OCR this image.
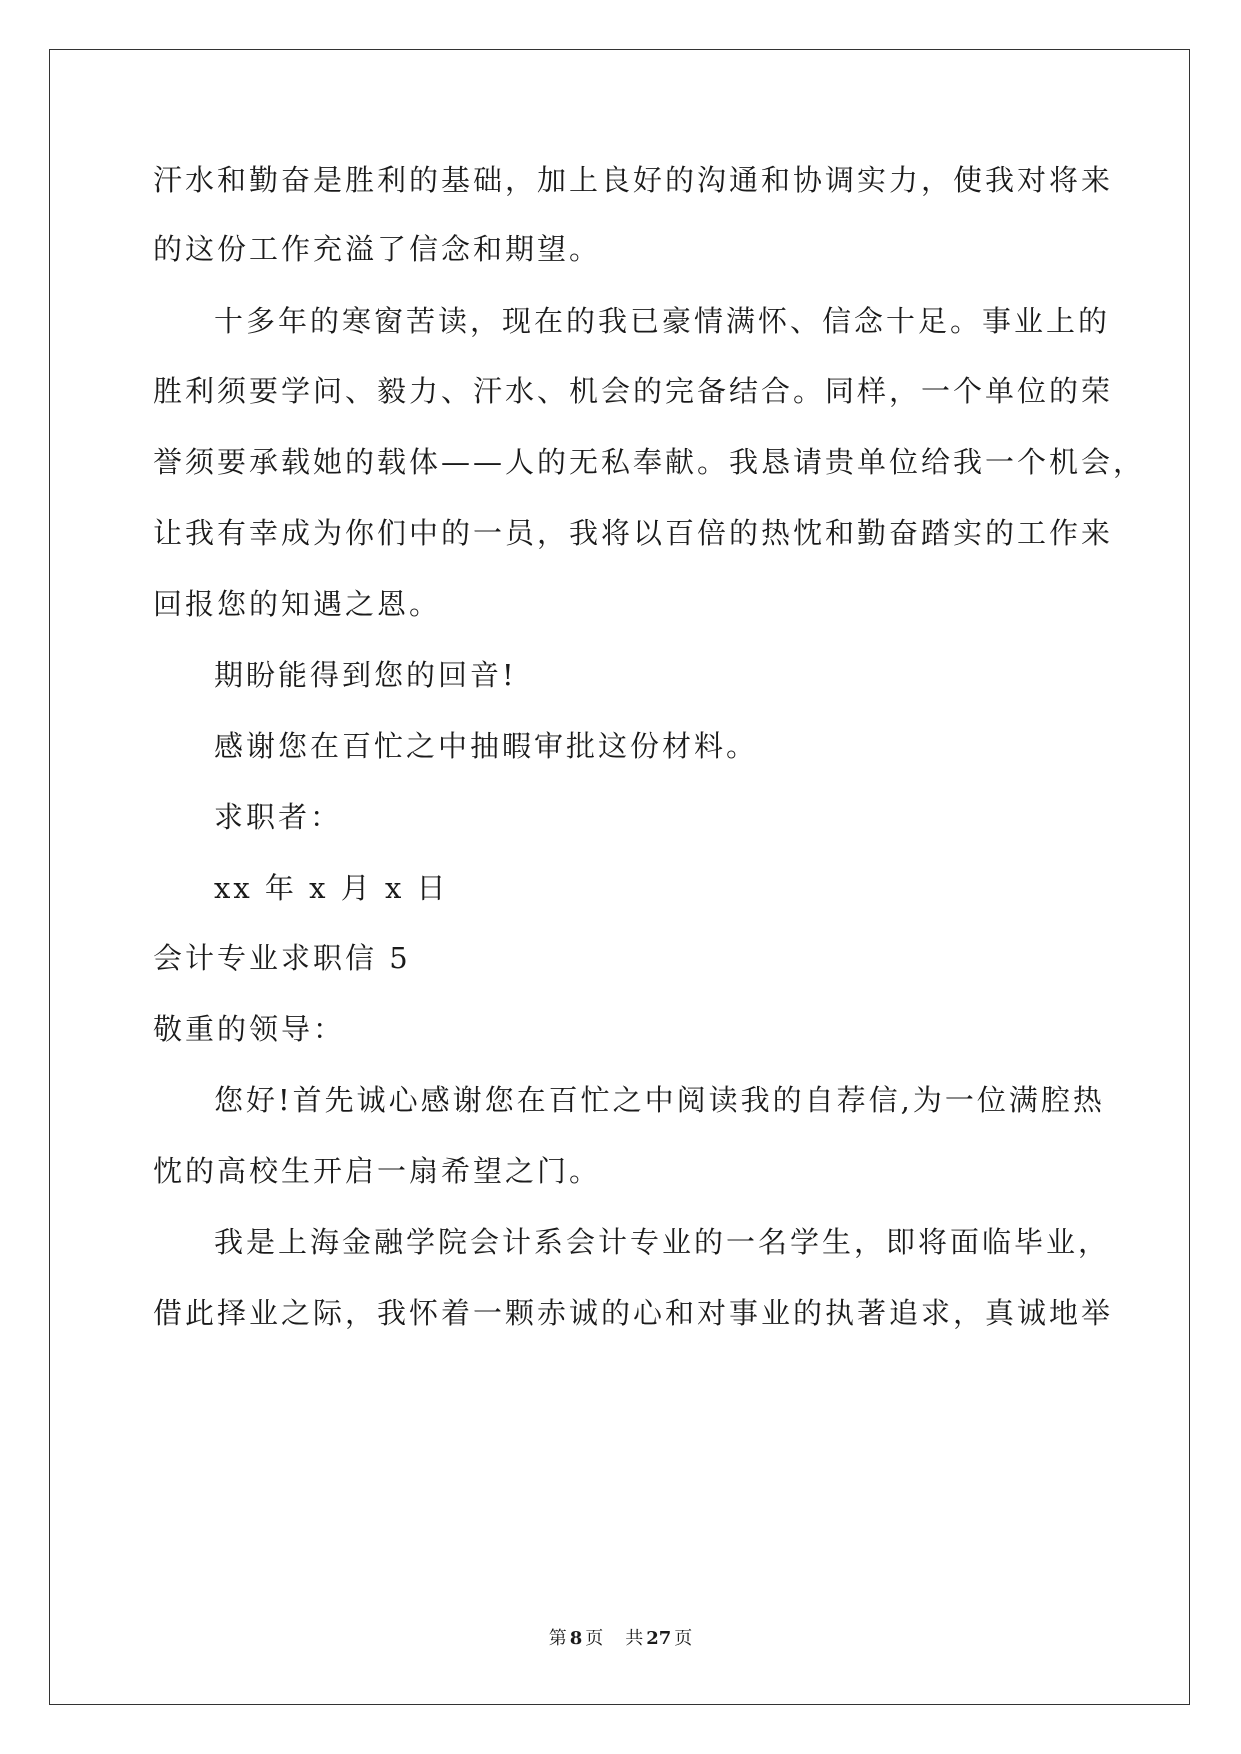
汗水和勤奋是胜利的基础，加上良好的沟通和协调实力，使我对将来
的这份工作充溢了信念和期望。
十多年的寒窗苦读，现在的我已豪情满怀、信念十足。事业上的
胜利须要学问、毅力、汗水、机会的完备结合。同样，一个单位的荣
誉须要承载她的载体——人的无私奉献。我恳请贵单位给我一个机会，
让我有幸成为你们中的一员，我将以百倍的热忱和勤奋踏实的工作来
回报您的知遇之恩。
期盼能得到您的回音!
感谢您在百忙之中抽暇审批这份材料。
求职者：
xx 年 x 月 x 日
会计专业求职信 5
敬重的领导：
您好!首先诚心感谢您在百忙之中阅读我的自荐信,为一位满腔热
忱的高校生开启一扇希望之门。
我是上海金融学院会计系会计专业的一名学生，即将面临毕业，
借此择业之际，我怀着一颗赤诚的心和对事业的执著追求，真诚地举
第 8 页 共 27 页
